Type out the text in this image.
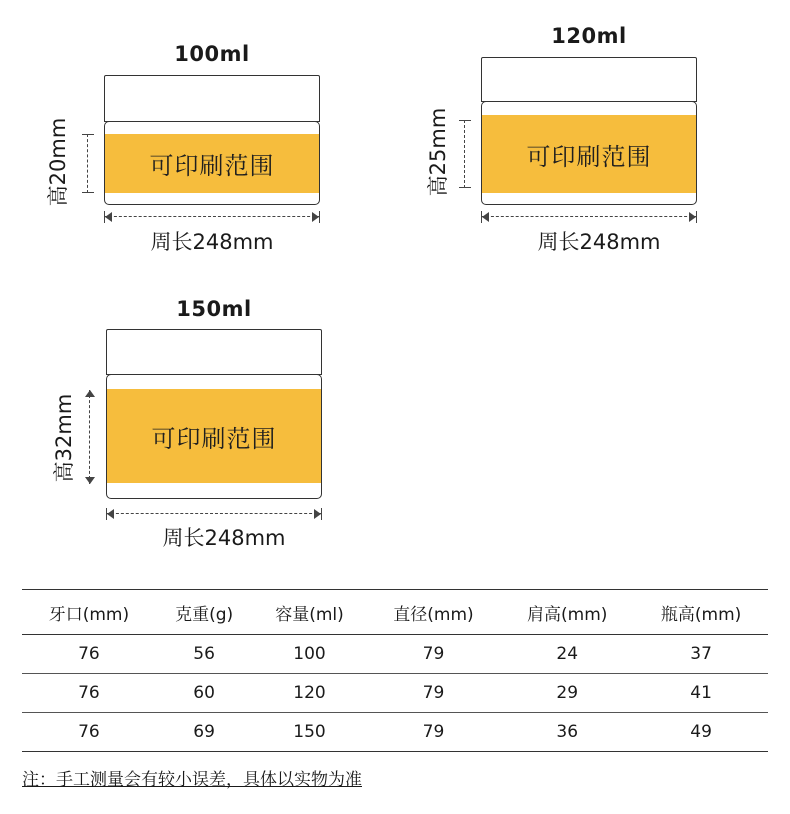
100ml
可印刷范围
高20mm
周长248mm
120ml
可印刷范围
高25mm
周长248mm
150ml
可印刷范围
高32mm
周长248mm
牙口(mm)	克重(g)	容量(ml)	直径(mm)	肩高(mm)	瓶高(mm)
76	56	100	79	24	37
76	60	120	79	29	41
76	69	150	79	36	49
注：手工测量会有较小误差，具体以实物为准
